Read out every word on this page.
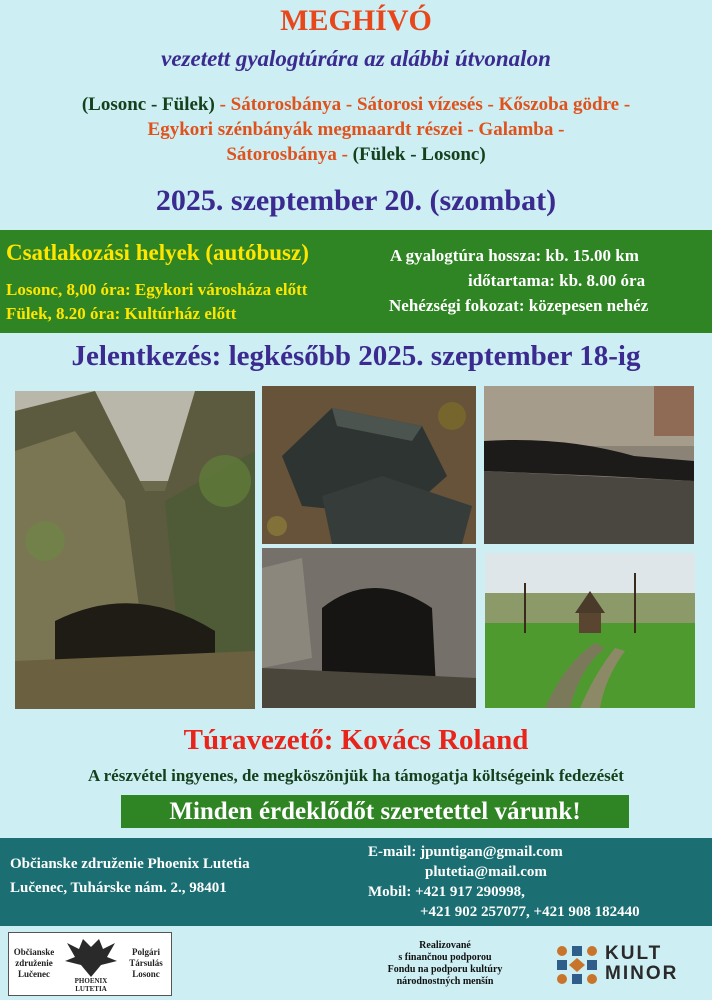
MEGHÍVÓ
vezetett gyalogtúrára az alábbi útvonalon
(Losonc - Fülek) - Sátorosbánya - Sátorosi vízesés - Kőszoba gödre -
Egykori szénbányák megmaardt részei - Galamba -
Sátorosbánya - (Fülek - Losonc)
2025. szeptember 20. (szombat)
Csatlakozási helyek (autóbusz)
Losonc, 8,00 óra: Egykori városháza előtt
Fülek, 8.20 óra: Kultúrház előtt
A gyalogtúra hossza: kb. 15.00 km
időtartama: kb. 8.00 óra
Nehézségi fokozat: közepesen nehéz
Jelentkezés: legkésőbb 2025. szeptember 18-ig
Túravezető: Kovács Roland
A részvétel ingyenes, de megköszönjük ha támogatja költségeink fedezését
Minden érdeklődőt szeretettel várunk!
Občianske združenie Phoenix Lutetia
Lučenec, Tuhárske nám. 2., 98401
E-mail: jpuntigan@gmail.com
plutetia@mail.com
Mobil: +421 917 290998,
+421 902 257077, +421 908 182440
Občianske
združenie
Lučenec
Polgári
Társulás
Losonc
PHOENIX
LUTETIA
Realizované
s finančnou podporou
Fondu na podporu kultúry
národnostných menšín
KULT
MINOR
